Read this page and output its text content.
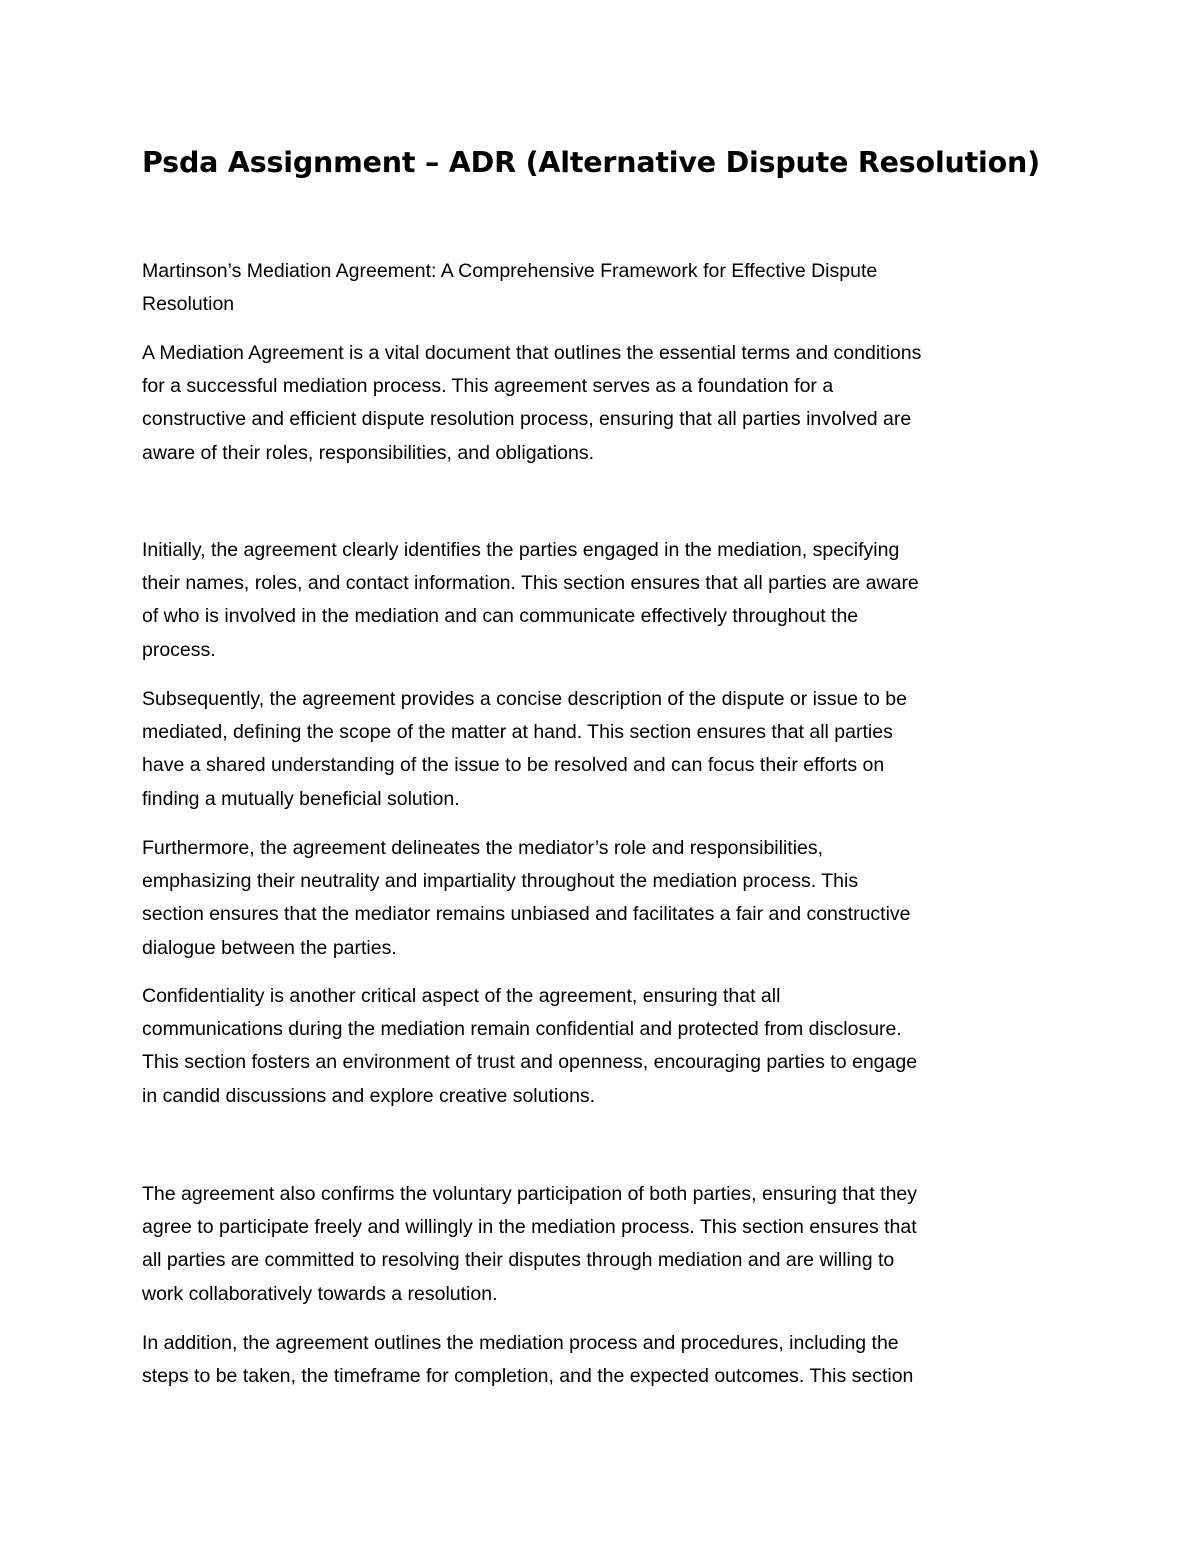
Psda Assignment – ADR (Alternative Dispute Resolution)

Martinson’s Mediation Agreement: A Comprehensive Framework for Effective Dispute
Resolution

A Mediation Agreement is a vital document that outlines the essential terms and conditions
for a successful mediation process. This agreement serves as a foundation for a
constructive and efficient dispute resolution process, ensuring that all parties involved are
aware of their roles, responsibilities, and obligations.

Initially, the agreement clearly identifies the parties engaged in the mediation, specifying
their names, roles, and contact information. This section ensures that all parties are aware
of who is involved in the mediation and can communicate effectively throughout the
process.

Subsequently, the agreement provides a concise description of the dispute or issue to be
mediated, defining the scope of the matter at hand. This section ensures that all parties
have a shared understanding of the issue to be resolved and can focus their efforts on
finding a mutually beneficial solution.

Furthermore, the agreement delineates the mediator’s role and responsibilities,
emphasizing their neutrality and impartiality throughout the mediation process. This
section ensures that the mediator remains unbiased and facilitates a fair and constructive
dialogue between the parties.

Confidentiality is another critical aspect of the agreement, ensuring that all
communications during the mediation remain confidential and protected from disclosure.
This section fosters an environment of trust and openness, encouraging parties to engage
in candid discussions and explore creative solutions.

The agreement also confirms the voluntary participation of both parties, ensuring that they
agree to participate freely and willingly in the mediation process. This section ensures that
all parties are committed to resolving their disputes through mediation and are willing to
work collaboratively towards a resolution.

In addition, the agreement outlines the mediation process and procedures, including the
steps to be taken, the timeframe for completion, and the expected outcomes. This section
